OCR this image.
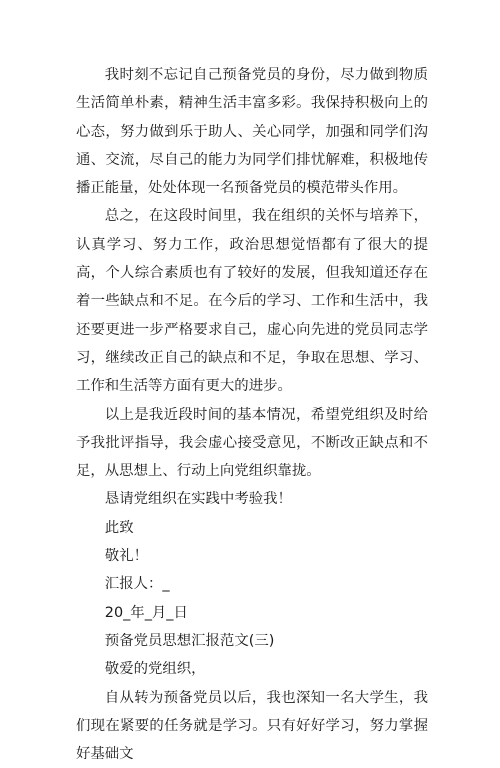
我时刻不忘记自己预备党员的身份，尽力做到物质生活简单朴素，精神生活丰富多彩。我保持积极向上的心态，努力做到乐于助人、关心同学，加强和同学们沟通、交流，尽自己的能力为同学们排忧解难，积极地传播正能量，处处体现一名预备党员的模范带头作用。

总之，在这段时间里，我在组织的关怀与培养下，认真学习、努力工作，政治思想觉悟都有了很大的提高，个人综合素质也有了较好的发展，但我知道还存在着一些缺点和不足。在今后的学习、工作和生活中，我还要更进一步严格要求自己，虚心向先进的党员同志学习，继续改正自己的缺点和不足，争取在思想、学习、工作和生活等方面有更大的进步。

以上是我近段时间的基本情况，希望党组织及时给予我批评指导，我会虚心接受意见，不断改正缺点和不足，从思想上、行动上向党组织靠拢。

恳请党组织在实践中考验我！

此致

敬礼！

汇报人：_

20_年_月_日

预备党员思想汇报范文(三)

敬爱的党组织，

自从转为预备党员以后，我也深知一名大学生，我们现在紧要的任务就是学习。只有好好学习，努力掌握好基础文
